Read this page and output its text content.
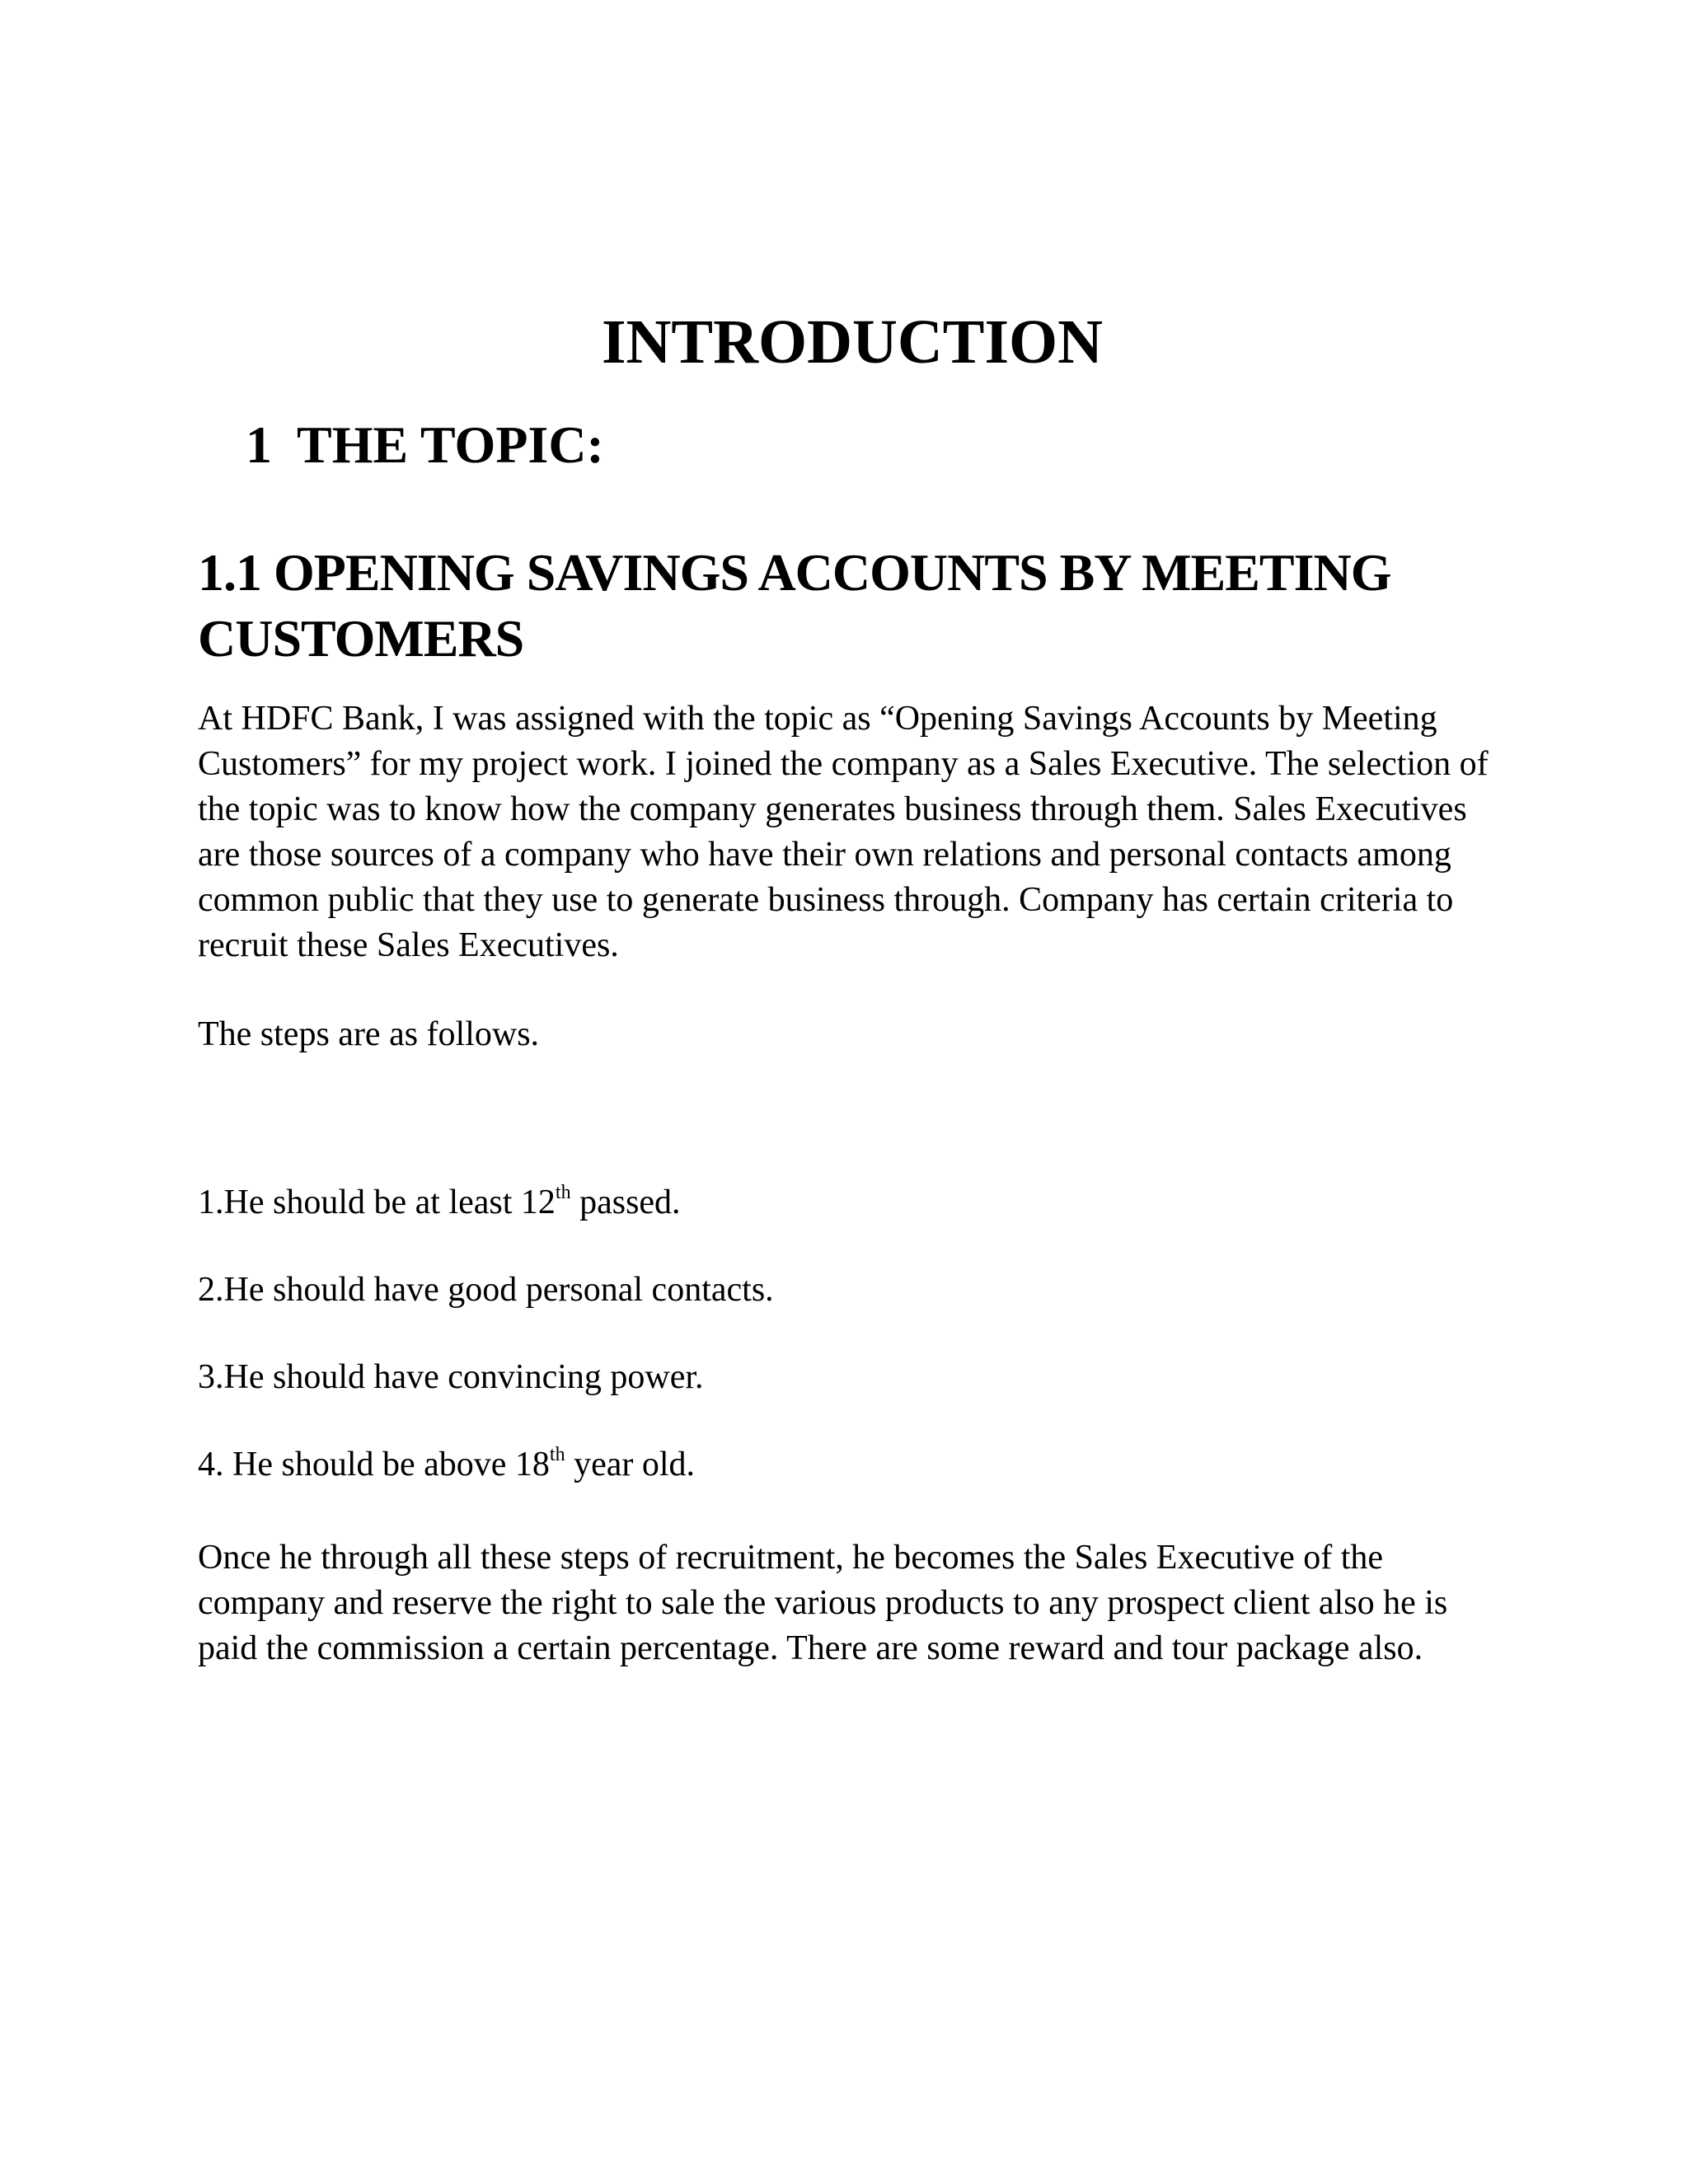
INTRODUCTION
1 THE TOPIC:
1.1 OPENING SAVINGS ACCOUNTS BY MEETING CUSTOMERS

At HDFC Bank, I was assigned with the topic as “Opening Savings Accounts by Meeting Customers” for my project work. I joined the company as a Sales Executive. The selection of the topic was to know how the company generates business through them. Sales Executives are those sources of a company who have their own relations and personal contacts among common public that they use to generate business through. Company has certain criteria to recruit these Sales Executives.

The steps are as follows.

1.He should be at least 12th passed.

2.He should have good personal contacts.

3.He should have convincing power.

4. He should be above 18th year old.

Once he through all these steps of recruitment, he becomes the Sales Executive of the company and reserve the right to sale the various products to any prospect client also he is paid the commission a certain percentage. There are some reward and tour package also.
